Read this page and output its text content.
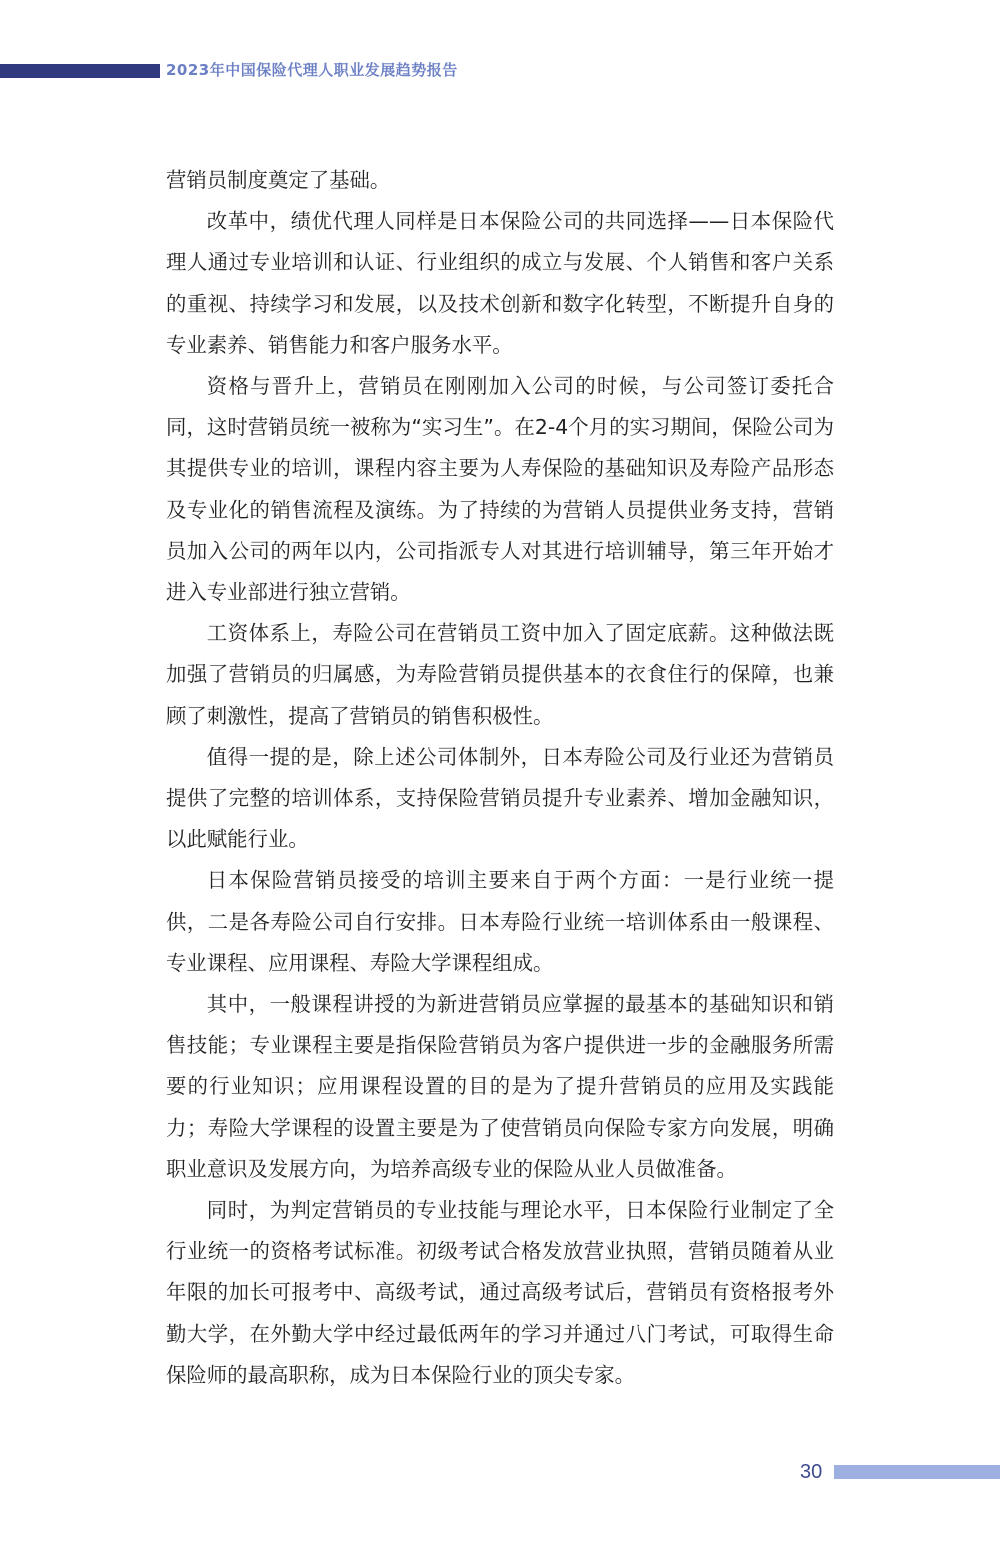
2023年中国保险代理人职业发展趋势报告

营销员制度奠定了基础。

改革中，绩优代理人同样是日本保险公司的共同选择——日本保险代理人通过专业培训和认证、行业组织的成立与发展、个人销售和客户关系的重视、持续学习和发展，以及技术创新和数字化转型，不断提升自身的专业素养、销售能力和客户服务水平。

资格与晋升上，营销员在刚刚加入公司的时候，与公司签订委托合同，这时营销员统一被称为“实习生”。在2-4个月的实习期间，保险公司为其提供专业的培训，课程内容主要为人寿保险的基础知识及寿险产品形态及专业化的销售流程及演练。为了持续的为营销人员提供业务支持，营销员加入公司的两年以内，公司指派专人对其进行培训辅导，第三年开始才进入专业部进行独立营销。

工资体系上，寿险公司在营销员工资中加入了固定底薪。这种做法既加强了营销员的归属感，为寿险营销员提供基本的衣食住行的保障，也兼顾了刺激性，提高了营销员的销售积极性。

值得一提的是，除上述公司体制外，日本寿险公司及行业还为营销员提供了完整的培训体系，支持保险营销员提升专业素养、增加金融知识，以此赋能行业。

日本保险营销员接受的培训主要来自于两个方面：一是行业统一提供，二是各寿险公司自行安排。日本寿险行业统一培训体系由一般课程、专业课程、应用课程、寿险大学课程组成。

其中，一般课程讲授的为新进营销员应掌握的最基本的基础知识和销售技能；专业课程主要是指保险营销员为客户提供进一步的金融服务所需要的行业知识；应用课程设置的目的是为了提升营销员的应用及实践能力；寿险大学课程的设置主要是为了使营销员向保险专家方向发展，明确职业意识及发展方向，为培养高级专业的保险从业人员做准备。

同时，为判定营销员的专业技能与理论水平，日本保险行业制定了全行业统一的资格考试标准。初级考试合格发放营业执照，营销员随着从业年限的加长可报考中、高级考试，通过高级考试后，营销员有资格报考外勤大学，在外勤大学中经过最低两年的学习并通过八门考试，可取得生命保险师的最高职称，成为日本保险行业的顶尖专家。

30
